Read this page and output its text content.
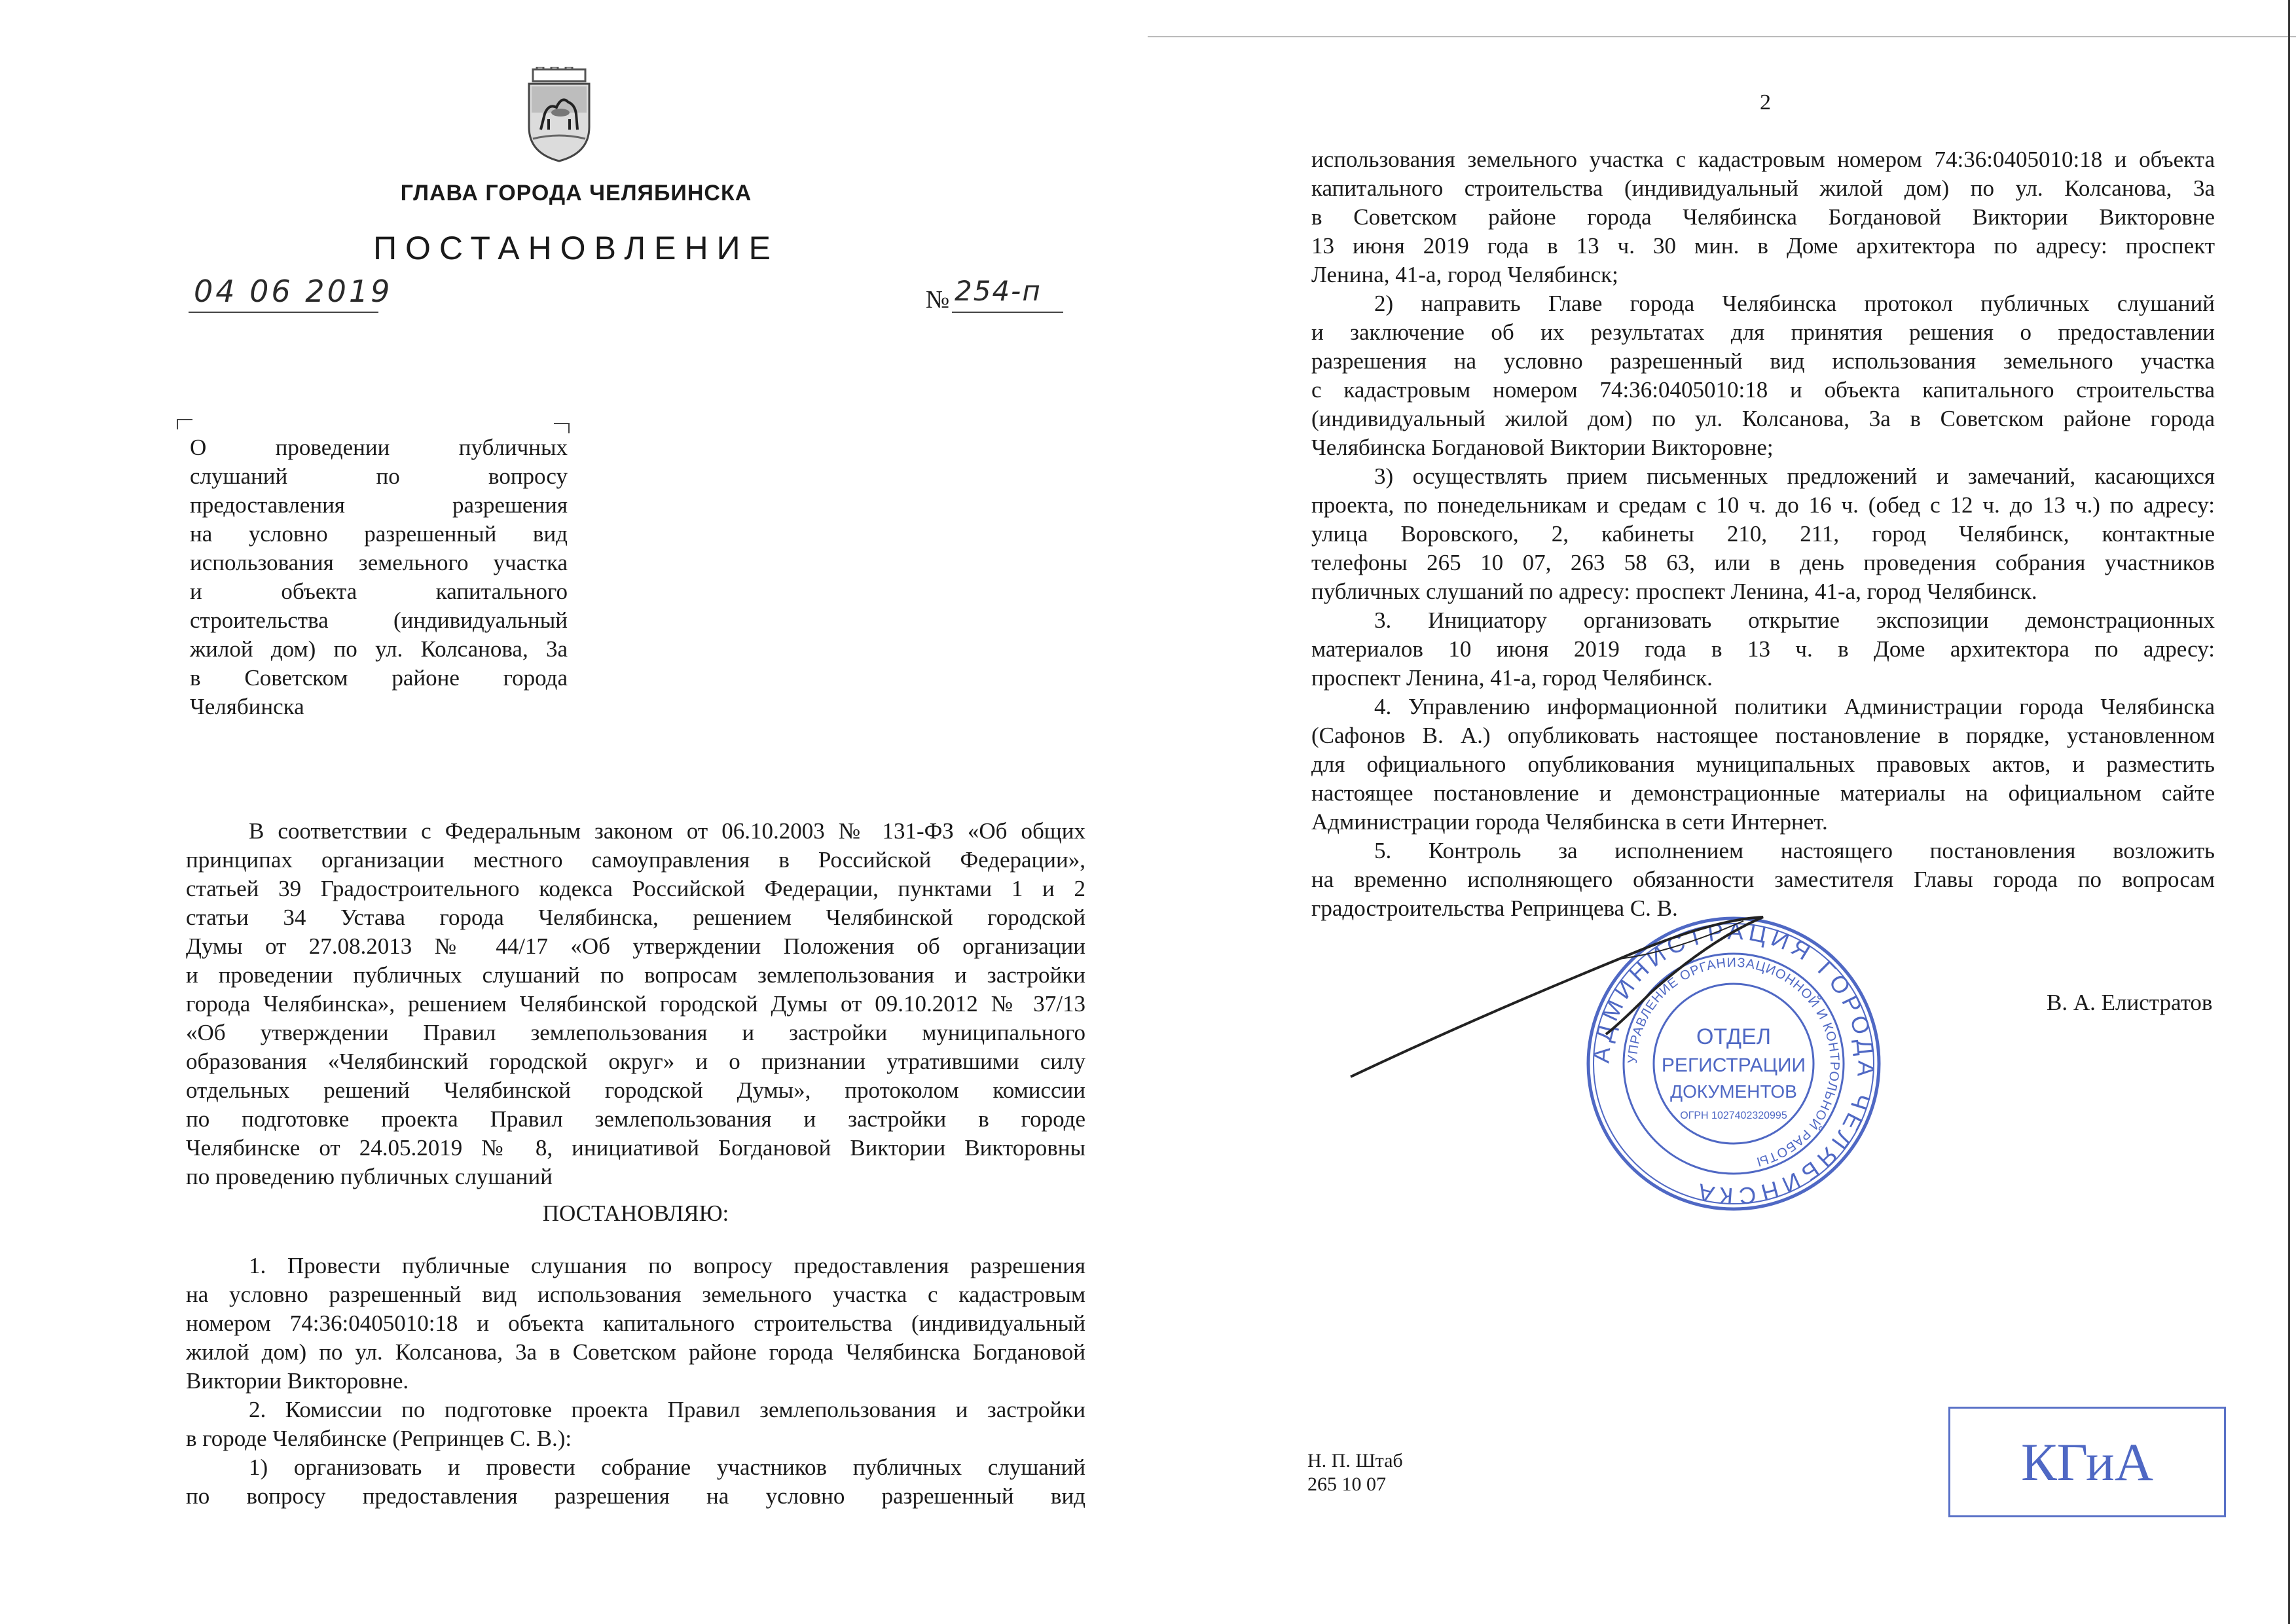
ГЛАВА ГОРОДА ЧЕЛЯБИНСКА
ПОСТАНОВЛЕНИЕ
04 06 2019	№ 254-п

О проведении публичных

слушаний по вопросу

предоставления разрешения

на условно разрешенный вид

использования земельного участка

и объекта капитального

строительства (индивидуальный

жилой дом) по ул. Колсанова, 3а

в Советском районе города

Челябинска

В соответствии с Федеральным законом от 06.10.2003 № 131-ФЗ «Об общих

принципах организации местного самоуправления в Российской Федерации»,

статьей 39 Градостроительного кодекса Российской Федерации, пунктами 1 и 2

статьи 34 Устава города Челябинска, решением Челябинской городской

Думы от 27.08.2013 № 44/17 «Об утверждении Положения об организации

и проведении публичных слушаний по вопросам землепользования и застройки

города Челябинска», решением Челябинской городской Думы от 09.10.2012 № 37/13

«Об утверждении Правил землепользования и застройки муниципального

образования «Челябинский городской округ» и о признании утратившими силу

отдельных решений Челябинской городской Думы», протоколом комиссии

по подготовке проекта Правил землепользования и застройки в городе

Челябинске от 24.05.2019 № 8, инициативой Богдановой Виктории Викторовны

по проведению публичных слушаний

ПОСТАНОВЛЯЮ:

1. Провести публичные слушания по вопросу предоставления разрешения

на условно разрешенный вид использования земельного участка с кадастровым

номером 74:36:0405010:18 и объекта капитального строительства (индивидуальный

жилой дом) по ул. Колсанова, 3а в Советском районе города Челябинска Богдановой

Виктории Викторовне.

2. Комиссии по подготовке проекта Правил землепользования и застройки

в городе Челябинске (Репринцев С. В.):

1) организовать и провести собрание участников публичных слушаний

по вопросу предоставления разрешения на условно разрешенный вид

2

использования земельного участка с кадастровым номером 74:36:0405010:18 и объекта

капитального строительства (индивидуальный жилой дом) по ул. Колсанова, 3а

в Советском районе города Челябинска Богдановой Виктории Викторовне

13 июня 2019 года в 13 ч. 30 мин. в Доме архитектора по адресу: проспект

Ленина, 41-а, город Челябинск;

2) направить Главе города Челябинска протокол публичных слушаний

и заключение об их результатах для принятия решения о предоставлении

разрешения на условно разрешенный вид использования земельного участка

с кадастровым номером 74:36:0405010:18 и объекта капитального строительства

(индивидуальный жилой дом) по ул. Колсанова, 3а в Советском районе города

Челябинска Богдановой Виктории Викторовне;

3) осуществлять прием письменных предложений и замечаний, касающихся

проекта, по понедельникам и средам с 10 ч. до 16 ч. (обед с 12 ч. до 13 ч.) по адресу:

улица Воровского, 2, кабинеты 210, 211, город Челябинск, контактные

телефоны 265 10 07, 263 58 63, или в день проведения собрания участников

публичных слушаний по адресу: проспект Ленина, 41-а, город Челябинск.

3. Инициатору организовать открытие экспозиции демонстрационных

материалов 10 июня 2019 года в 13 ч. в Доме архитектора по адресу:

проспект Ленина, 41-а, город Челябинск.

4. Управлению информационной политики Администрации города Челябинска

(Сафонов В. А.) опубликовать настоящее постановление в порядке, установленном

для официального опубликования муниципальных правовых актов, и разместить

настоящее постановление и демонстрационные материалы на официальном сайте

Администрации города Челябинска в сети Интернет.

5. Контроль за исполнением настоящего постановления возложить

на временно исполняющего обязанности заместителя Главы города по вопросам

градостроительства Репринцева С. В.

АДМИНИСТРАЦИЯ ГОРОДА ЧЕЛЯБИНСКА
УПРАВЛЕНИЕ ОРГАНИЗАЦИОННОЙ И КОНТРОЛЬНОЙ РАБОТЫ
ОГРН 1027402320995
ОТДЕЛ
РЕГИСТРАЦИИ
ДОКУМЕНТОВ
В. А. Елистратов
Н. П. Штаб
265 10 07	КГиА
